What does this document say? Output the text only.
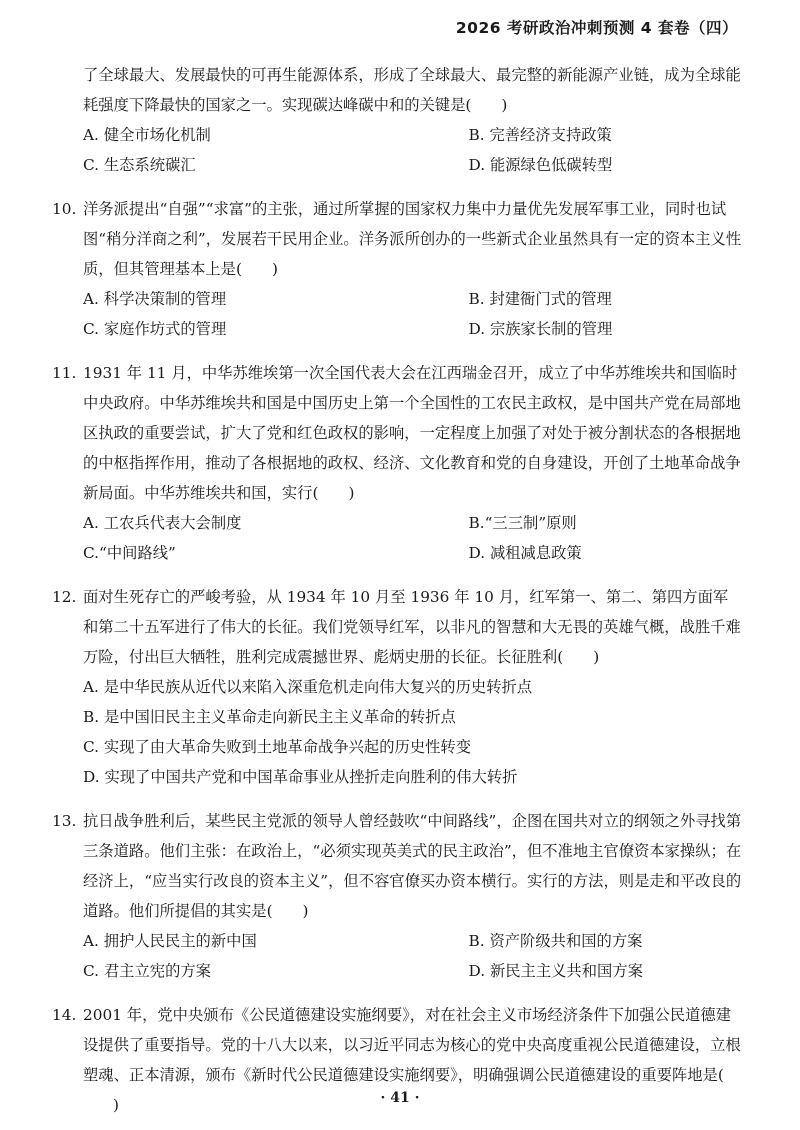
2026 考研政治冲刺预测 4 套卷（四）

了全球最大、发展最快的可再生能源体系，形成了全球最大、最完整的新能源产业链，成为全球能耗强度下降最快的国家之一。实现碳达峰碳中和的关键是( )

A. 健全市场化机制	B. 完善经济支持政策
C. 生态系统碳汇	D. 能源绿色低碳转型

10. 洋务派提出“自强”“求富”的主张，通过所掌握的国家权力集中力量优先发展军事工业，同时也试图“稍分洋商之利”，发展若干民用企业。洋务派所创办的一些新式企业虽然具有一定的资本主义性质，但其管理基本上是( )

A. 科学决策制的管理	B. 封建衙门式的管理
C. 家庭作坊式的管理	D. 宗族家长制的管理

11. 1931 年 11 月，中华苏维埃第一次全国代表大会在江西瑞金召开，成立了中华苏维埃共和国临时中央政府。中华苏维埃共和国是中国历史上第一个全国性的工农民主政权，是中国共产党在局部地区执政的重要尝试，扩大了党和红色政权的影响，一定程度上加强了对处于被分割状态的各根据地的中枢指挥作用，推动了各根据地的政权、经济、文化教育和党的自身建设，开创了土地革命战争新局面。中华苏维埃共和国，实行( )

A. 工农兵代表大会制度	B.“三三制”原则
C.“中间路线”	D. 减租减息政策

12. 面对生死存亡的严峻考验，从 1934 年 10 月至 1936 年 10 月，红军第一、第二、第四方面军和第二十五军进行了伟大的长征。我们党领导红军，以非凡的智慧和大无畏的英雄气概，战胜千难万险，付出巨大牺牲，胜利完成震撼世界、彪炳史册的长征。长征胜利( )

A. 是中华民族从近代以来陷入深重危机走向伟大复兴的历史转折点
B. 是中国旧民主主义革命走向新民主主义革命的转折点
C. 实现了由大革命失败到土地革命战争兴起的历史性转变
D. 实现了中国共产党和中国革命事业从挫折走向胜利的伟大转折

13. 抗日战争胜利后，某些民主党派的领导人曾经鼓吹“中间路线”，企图在国共对立的纲领之外寻找第三条道路。他们主张：在政治上，“必须实现英美式的民主政治”，但不准地主官僚资本家操纵；在经济上，“应当实行改良的资本主义”，但不容官僚买办资本横行。实行的方法，则是走和平改良的道路。他们所提倡的其实是( )

A. 拥护人民民主的新中国	B. 资产阶级共和国的方案
C. 君主立宪的方案	D. 新民主主义共和国方案

14. 2001 年，党中央颁布《公民道德建设实施纲要》，对在社会主义市场经济条件下加强公民道德建设提供了重要指导。党的十八大以来，以习近平同志为核心的党中央高度重视公民道德建设，立根塑魂、正本清源，颁布《新时代公民道德建设实施纲要》，明确强调公民道德建设的重要阵地是()	· 41 ·
